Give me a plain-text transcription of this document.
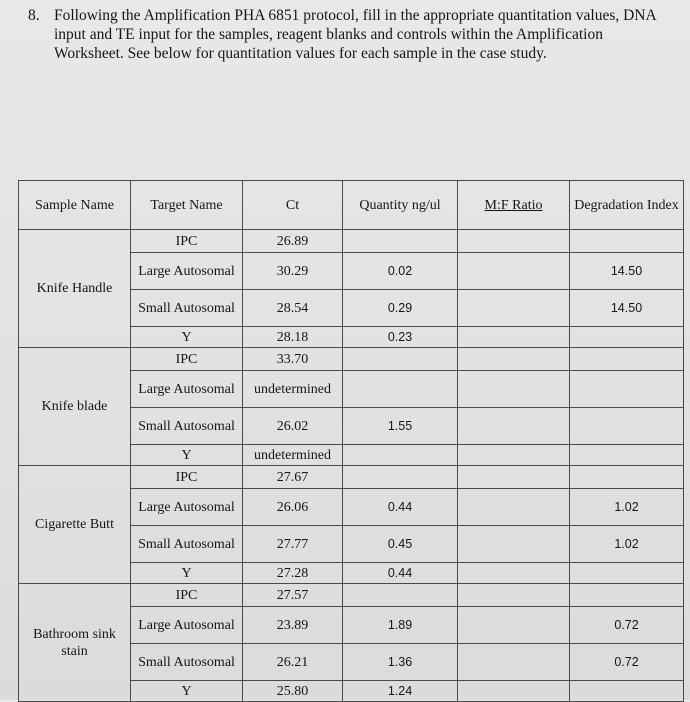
8. Following the Amplification PHA 6851 protocol, fill in the appropriate quantitation values, DNA input and TE input for the samples, reagent blanks and controls within the Amplification Worksheet. See below for quantitation values for each sample in the case study.
Sample Name	Target Name	Ct	Quantity ng/ul	M:F Ratio	Degradation Index
Knife Handle	IPC	26.89			
	Large Autosomal	30.29	0.02		14.50
	Small Autosomal	28.54	0.29		14.50
	Y	28.18	0.23		
Knife blade	IPC	33.70			
	Large Autosomal	undetermined			
	Small Autosomal	26.02	1.55		
	Y	undetermined			
Cigarette Butt	IPC	27.67			
	Large Autosomal	26.06	0.44		1.02
	Small Autosomal	27.77	0.45		1.02
	Y	27.28	0.44		
Bathroom sink stain	IPC	27.57			
	Large Autosomal	23.89	1.89		0.72
	Small Autosomal	26.21	1.36		0.72
	Y	25.80	1.24		
